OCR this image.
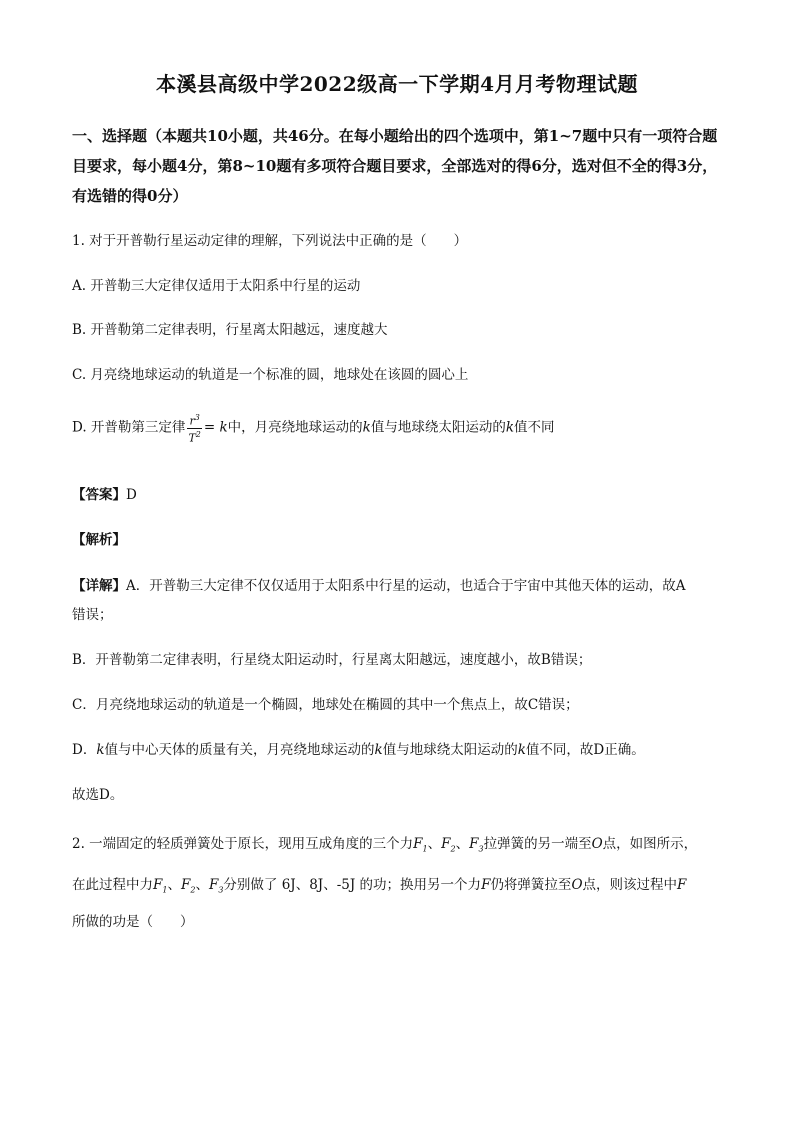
本溪县高级中学2022级高一下学期4月月考物理试题
一、选择题（本题共10小题，共46分。在每小题给出的四个选项中，第1~7题中只有一项符合题目要求，每小题4分，第8~10题有多项符合题目要求，全部选对的得6分，选对但不全的得3分，有选错的得0分）
1. 对于开普勒行星运动定律的理解，下列说法中正确的是（　　）
A. 开普勒三大定律仅适用于太阳系中行星的运动
B. 开普勒第二定律表明，行星离太阳越远，速度越大
C. 月亮绕地球运动的轨道是一个标准的圆，地球处在该圆的圆心上
D. 开普勒第三定律 $\frac{r^3}{T^2} = k$中，月亮绕地球运动的k值与地球绕太阳运动的k值不同
【答案】D
【解析】
【详解】A．开普勒三大定律不仅仅适用于太阳系中行星的运动，也适合于宇宙中其他天体的运动，故A
错误；
B．开普勒第二定律表明，行星绕太阳运动时，行星离太阳越远，速度越小，故B错误；
C．月亮绕地球运动的轨道是一个椭圆，地球处在椭圆的其中一个焦点上，故C错误；
D．k值与中心天体的质量有关，月亮绕地球运动的k值与地球绕太阳运动的k值不同，故D正确。
故选D。
2. 一端固定的轻质弹簧处于原长，现用互成角度的三个力$F_1$、$F_2$、$F_3$拉弹簧的另一端至O点，如图所示，
在此过程中力$F_1$、$F_2$、$F_3$分别做了 6J、8J、-5J 的功；换用另一个力F仍将弹簧拉至O点，则该过程中F
所做的功是（　　）
